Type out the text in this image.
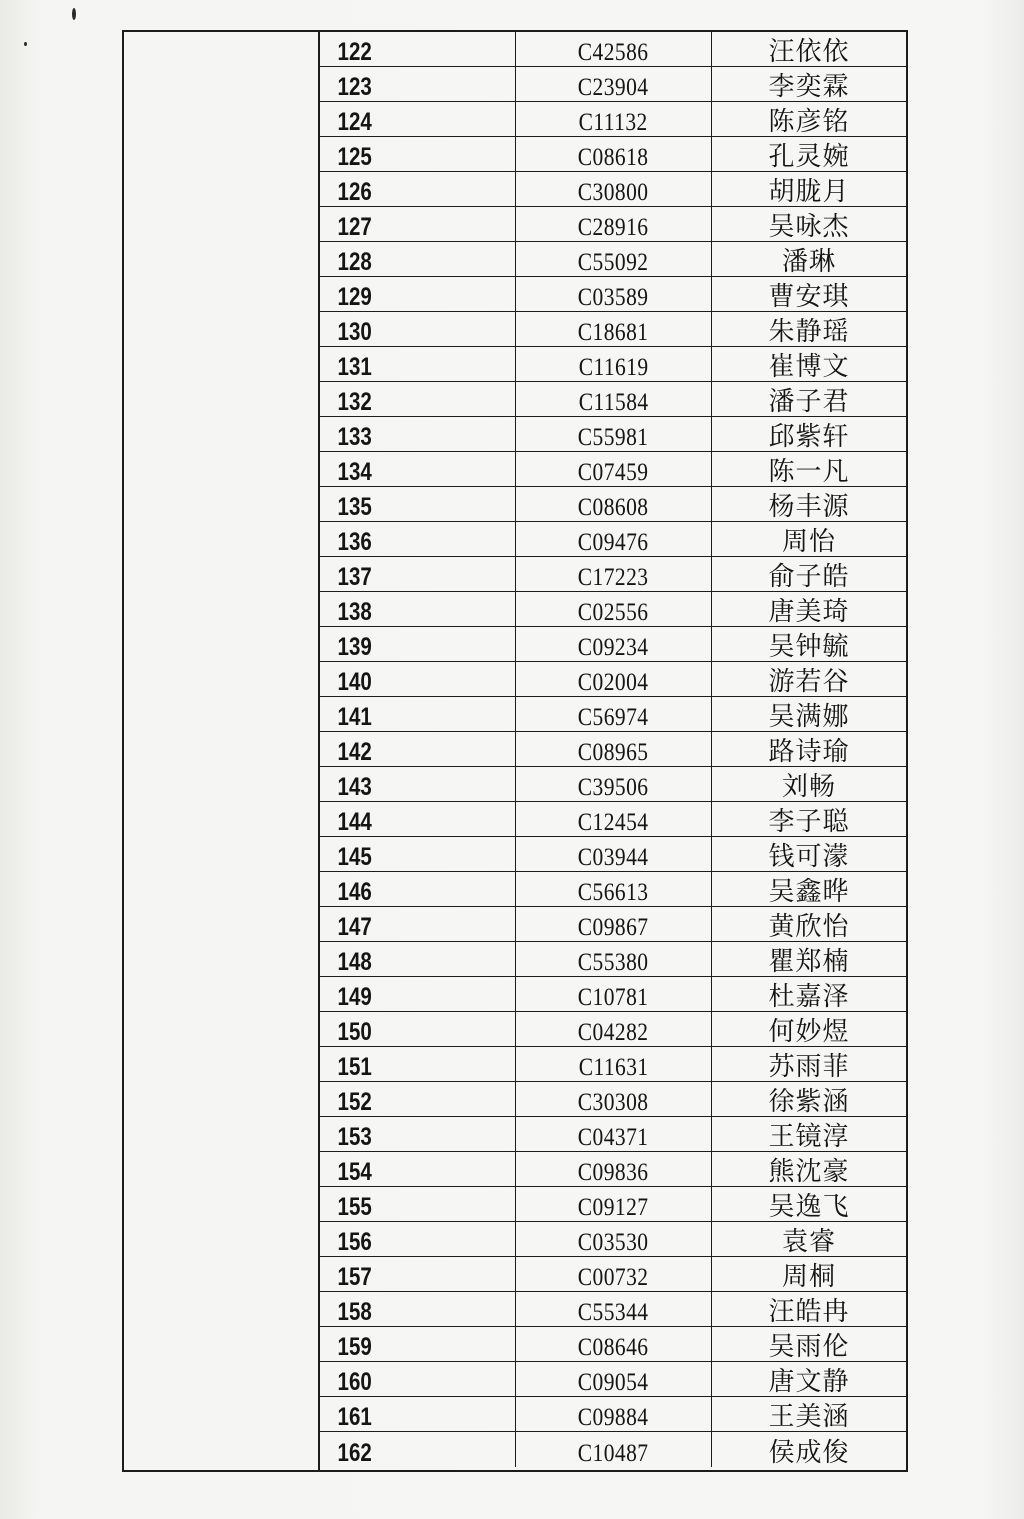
122	C42586	汪依依
123	C23904	李奕霖
124	C11132	陈彦铭
125	C08618	孔灵婉
126	C30800	胡胧月
127	C28916	吴咏杰
128	C55092	潘琳
129	C03589	曹安琪
130	C18681	朱静瑶
131	C11619	崔博文
132	C11584	潘子君
133	C55981	邱紫轩
134	C07459	陈一凡
135	C08608	杨丰源
136	C09476	周怡
137	C17223	俞子皓
138	C02556	唐美琦
139	C09234	吴钟毓
140	C02004	游若谷
141	C56974	吴满娜
142	C08965	路诗瑜
143	C39506	刘畅
144	C12454	李子聪
145	C03944	钱可濛
146	C56613	吴鑫晔
147	C09867	黄欣怡
148	C55380	瞿郑楠
149	C10781	杜嘉泽
150	C04282	何妙煜
151	C11631	苏雨菲
152	C30308	徐紫涵
153	C04371	王镜淳
154	C09836	熊沈豪
155	C09127	吴逸飞
156	C03530	袁睿
157	C00732	周桐
158	C55344	汪皓冉
159	C08646	吴雨伦
160	C09054	唐文静
161	C09884	王美涵
162	C10487	侯成俊
